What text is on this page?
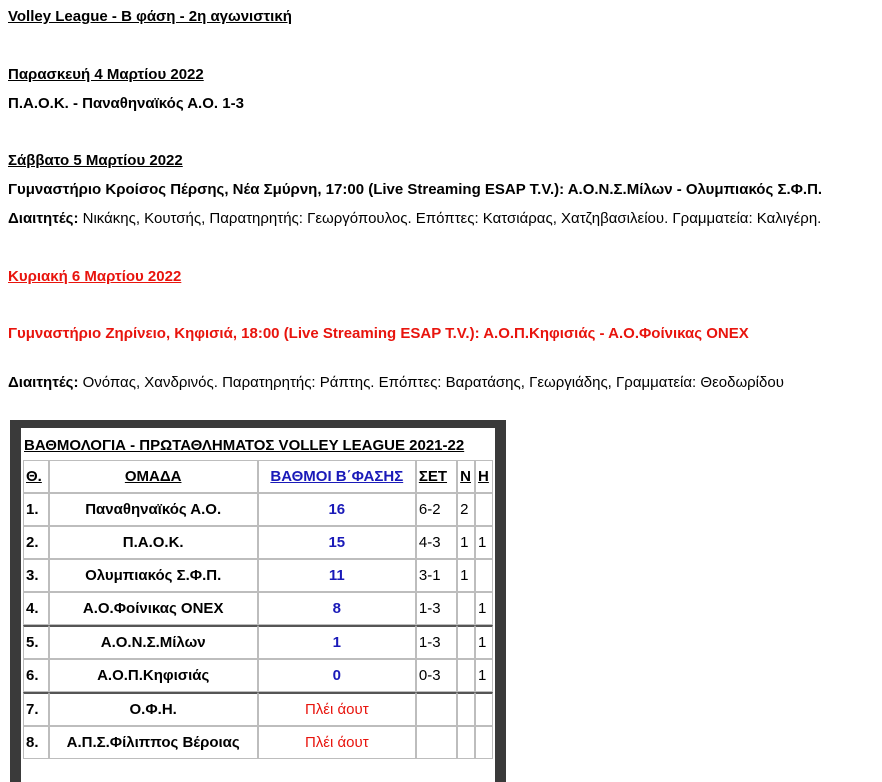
Volley League - Β φάση - 2η αγωνιστική
Παρασκευή 4 Μαρτίου 2022
Π.Α.Ο.Κ. - Παναθηναϊκός Α.Ο. 1-3
Σάββατο 5 Μαρτίου 2022
Γυμναστήριο Κροίσος Πέρσης, Νέα Σμύρνη, 17:00 (Live Streaming ESAP T.V.): Α.Ο.Ν.Σ.Μίλων - Ολυμπιακός Σ.Φ.Π.
Διαιτητές: Νικάκης, Κουτσής, Παρατηρητής: Γεωργόπουλος. Επόπτες: Κατσιάρας, Χατζηβασιλείου. Γραμματεία: Καλιγέρη.
Κυριακή 6 Μαρτίου 2022
Γυμναστήριο Ζηρίνειο, Κηφισιά, 18:00 (Live Streaming ESAP T.V.): Α.Ο.Π.Κηφισιάς - Α.Ο.Φοίνικας ΟΝΕΧ
Διαιτητές: Ονόπας, Χανδρινός. Παρατηρητής: Ράπτης. Επόπτες: Βαρατάσης, Γεωργιάδης, Γραμματεία: Θεοδωρίδου
ΒΑΘΜΟΛΟΓΙΑ - ΠΡΩΤΑΘΛΗΜΑΤΟΣ VOLLEY LEAGUE 2021-22					
Θ.	ΟΜΑΔΑ	ΒΑΘΜΟΙ Β΄ΦΑΣΗΣ	ΣΕΤ	Ν	Η
1.	Παναθηναϊκός Α.Ο.	16	6-2	2	
2.	Π.Α.Ο.Κ.	15	4-3	1	1
3.	Ολυμπιακός Σ.Φ.Π.	11	3-1	1	
4.	Α.Ο.Φοίνικας ΟΝΕΧ	8	1-3		1
5.	Α.Ο.Ν.Σ.Μίλων	1	1-3		1
6.	Α.Ο.Π.Κηφισιάς	0	0-3		1
7.	Ο.Φ.Η.	Πλέι άουτ			
8.	Α.Π.Σ.Φίλιππος Βέροιας	Πλέι άουτ			
